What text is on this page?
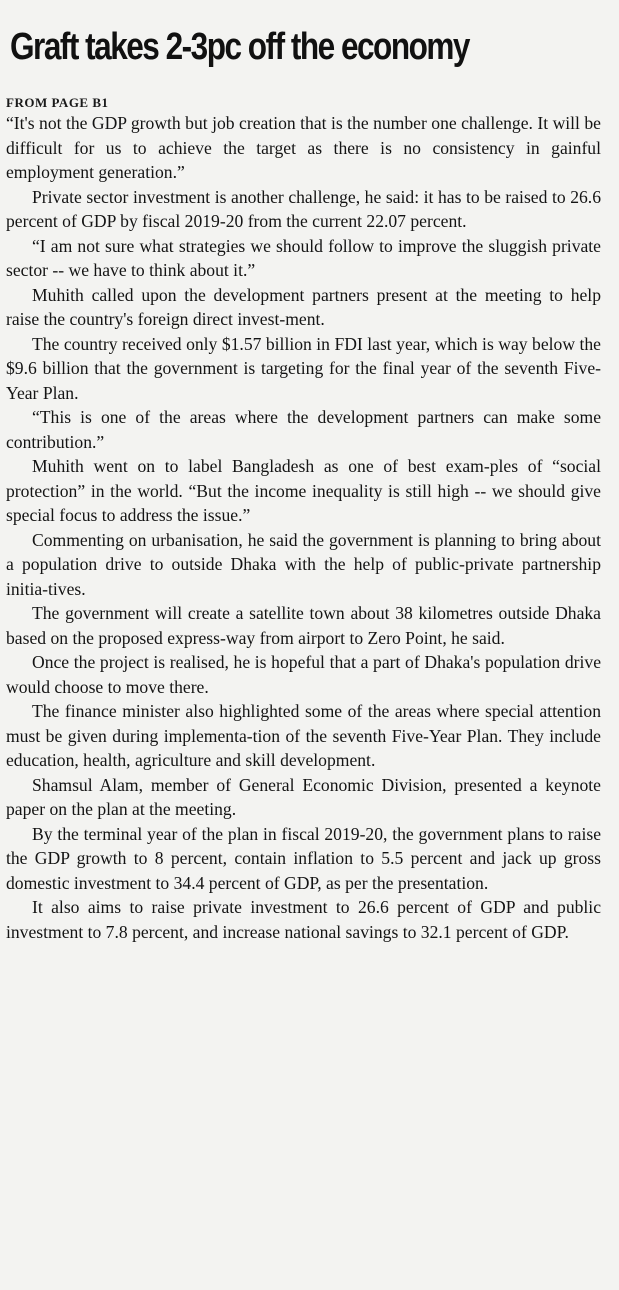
Graft takes 2-3pc off the economy
FROM PAGE B1

“It's not the GDP growth but job creation that is the number one challenge. It will be difficult for us to achieve the target as there is no consistency in gainful employment generation.”

Private sector investment is another challenge, he said: it has to be raised to 26.6 percent of GDP by fiscal 2019-20 from the current 22.07 percent.

“I am not sure what strategies we should follow to improve the sluggish private sector -- we have to think about it.”

Muhith called upon the development partners present at the meeting to help raise the country's foreign direct invest-ment.

The country received only $1.57 billion in FDI last year, which is way below the $9.6 billion that the government is targeting for the final year of the seventh Five-Year Plan.

“This is one of the areas where the development partners can make some contribution.”

Muhith went on to label Bangladesh as one of best exam-ples of “social protection” in the world. “But the income inequality is still high -- we should give special focus to address the issue.”

Commenting on urbanisation, he said the government is planning to bring about a population drive to outside Dhaka with the help of public-private partnership initia-tives.

The government will create a satellite town about 38 kilometres outside Dhaka based on the proposed express-way from airport to Zero Point, he said.

Once the project is realised, he is hopeful that a part of Dhaka's population drive would choose to move there.

The finance minister also highlighted some of the areas where special attention must be given during implementa-tion of the seventh Five-Year Plan. They include education, health, agriculture and skill development.

Shamsul Alam, member of General Economic Division, presented a keynote paper on the plan at the meeting.

By the terminal year of the plan in fiscal 2019-20, the government plans to raise the GDP growth to 8 percent, contain inflation to 5.5 percent and jack up gross domestic investment to 34.4 percent of GDP, as per the presentation.

It also aims to raise private investment to 26.6 percent of GDP and public investment to 7.8 percent, and increase national savings to 32.1 percent of GDP.
